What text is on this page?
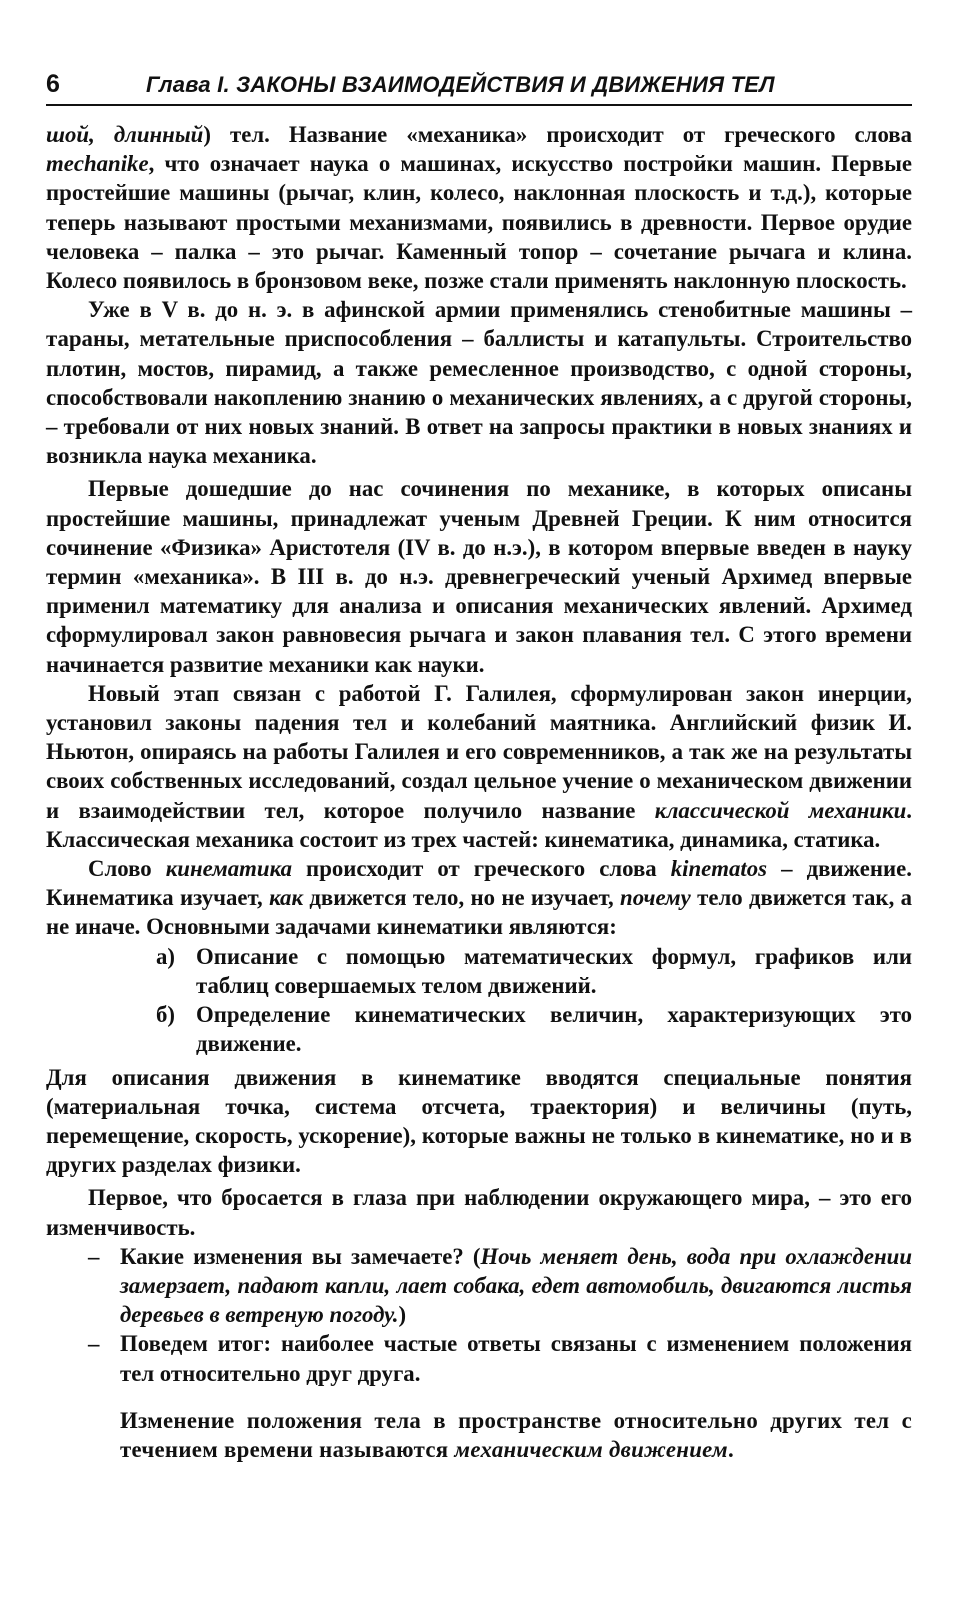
6	Глава I. ЗАКОНЫ ВЗАИМОДЕЙСТВИЯ И ДВИЖЕНИЯ ТЕЛ

шой, длинный) тел. Название «механика» происходит от греческого слова mechanike, что означает наука о машинах, искусство постройки машин. Первые простейшие машины (рычаг, клин, колесо, наклонная плоскость и т.д.), которые теперь называют простыми механизмами, появились в древности. Первое орудие человека – палка – это рычаг. Каменный топор – сочетание рычага и клина. Колесо появилось в бронзовом веке, позже стали применять наклонную плоскость.

Уже в V в. до н. э. в афинской армии применялись стенобитные машины – тараны, метательные приспособления – баллисты и катапульты. Строительство плотин, мостов, пирамид, а также ремесленное производство, с одной стороны, способствовали накоплению знанию о механических явлениях, а с другой стороны, – требовали от них новых знаний. В ответ на запросы практики в новых знаниях и возникла наука механика.

Первые дошедшие до нас сочинения по механике, в которых описаны простейшие машины, принадлежат ученым Древней Греции. К ним относится сочинение «Физика» Аристотеля (IV в. до н.э.), в котором впервые введен в науку термин «механика». В III в. до н.э. древнегреческий ученый Архимед впервые применил математику для анализа и описания механических явлений. Архимед сформулировал закон равновесия рычага и закон плавания тел. С этого времени начинается развитие механики как науки.

Новый этап связан с работой Г. Галилея, сформулирован закон инерции, установил законы падения тел и колебаний маятника. Английский физик И. Ньютон, опираясь на работы Галилея и его современников, а так же на результаты своих собственных исследований, создал цельное учение о механическом движении и взаимодействии тел, которое получило название классической механики. Классическая механика состоит из трех частей: кинематика, динамика, статика.

Слово кинематика происходит от греческого слова kinematos – движение. Кинематика изучает, как движется тело, но не изучает, почему тело движется так, а не иначе. Основными задачами кинематики являются:

а) Описание с помощью математических формул, графиков или таблиц совершаемых телом движений.
б) Определение кинематических величин, характеризующих это движение.

Для описания движения в кинематике вводятся специальные понятия (материальная точка, система отсчета, траектория) и величины (путь, перемещение, скорость, ускорение), которые важны не только в кинематике, но и в других разделах физики.

Первое, что бросается в глаза при наблюдении окружающего мира, – это его изменчивость.

– Какие изменения вы замечаете? (Ночь меняет день, вода при охлаждении замерзает, падают капли, лает собака, едет автомобиль, двигаются листья деревьев в ветреную погоду.)
– Поведем итог: наиболее частые ответы связаны с изменением положения тел относительно друг друга.

Изменение положения тела в пространстве относительно других тел с течением времени называются механическим движением.
